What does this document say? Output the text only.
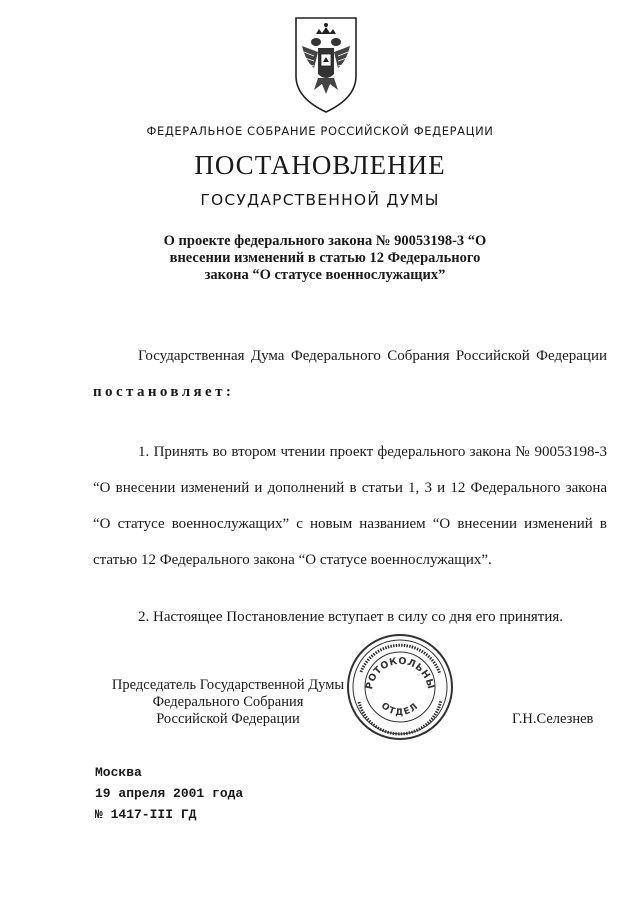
ФЕДЕРАЛЬНОЕ СОБРАНИЕ РОССИЙСКОЙ ФЕДЕРАЦИИ
ПОСТАНОВЛЕНИЕ
ГОСУДАРСТВЕННОЙ ДУМЫ
О проекте федерального закона № 90053198-3 “О внесении изменений в статью 12 Федерального закона “О статусе военнослужащих”
Государственная Дума Федерального Собрания Российской Федерации постановляет:
1. Принять во втором чтении проект федерального закона № 90053198-3 “О внесении изменений и дополнений в статьи 1, 3 и 12 Федерального закона “О статусе военнослужащих” с новым названием “О внесении изменений в статью 12 Федерального закона “О статусе военнослужащих”.
2. Настоящее Постановление вступает в силу со дня его принятия.
Председатель Государственной Думы
Федерального Собрания
Российской Федерации
РОТОКОЛЬНЫ
ОТДЕЛ
Г.Н.Селезнев
Москва
19 апреля 2001 года
№ 1417-III ГД
